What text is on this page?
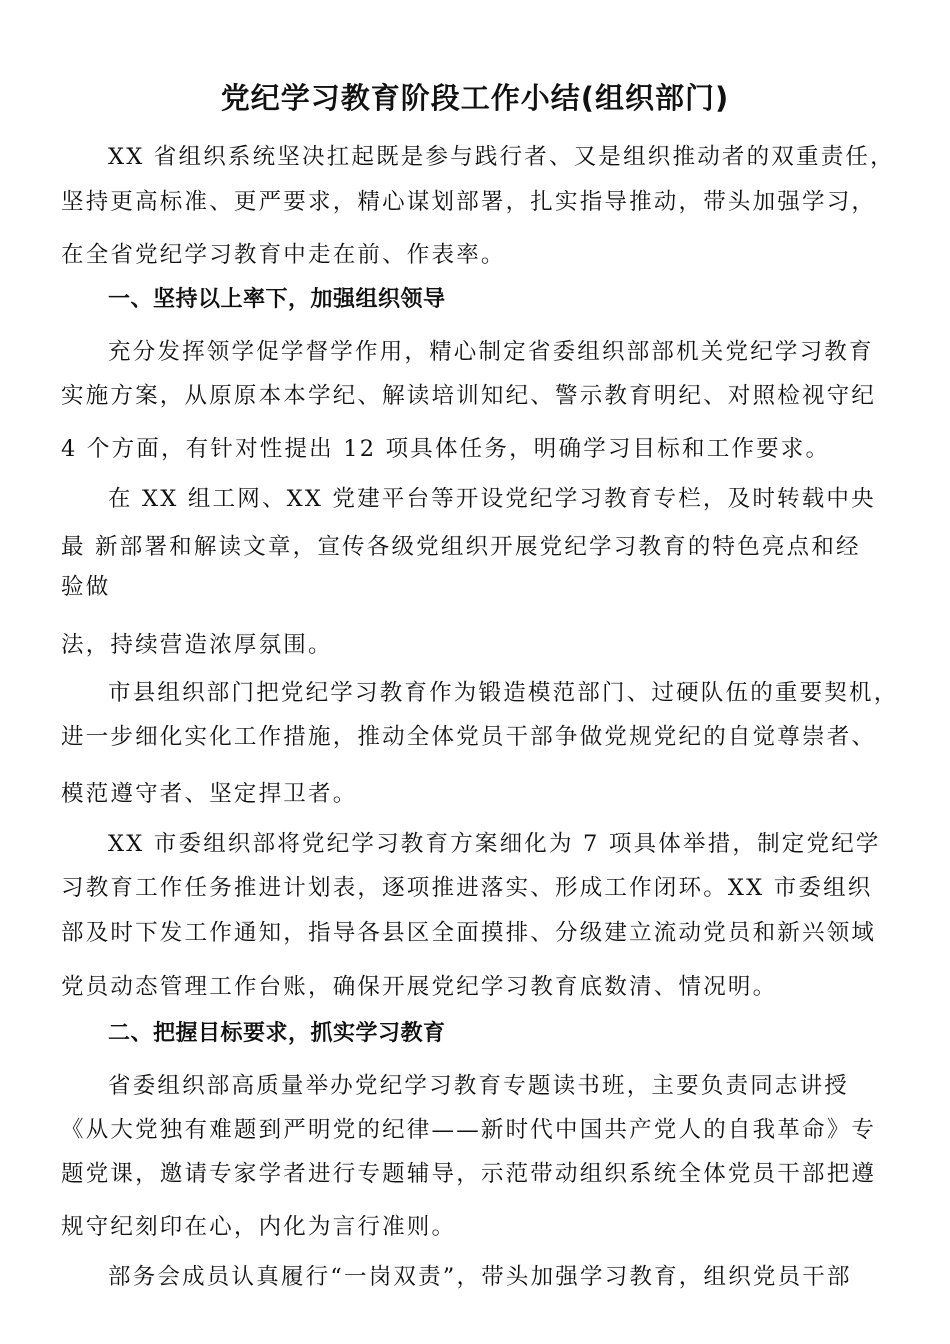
党纪学习教育阶段工作小结(组织部门)

XX 省组织系统坚决扛起既是参与践行者、又是组织推动者的双重责任，

坚持更高标准、更严要求，精心谋划部署，扎实指导推动，带头加强学习，

在全省党纪学习教育中走在前、作表率。

一、坚持以上率下，加强组织领导

充分发挥领学促学督学作用，精心制定省委组织部部机关党纪学习教育

实施方案，从原原本本学纪、解读培训知纪、警示教育明纪、对照检视守纪

4 个方面，有针对性提出 12 项具体任务，明确学习目标和工作要求。

在 XX 组工网、XX 党建平台等开设党纪学习教育专栏，及时转载中央

最 新部署和解读文章，宣传各级党组织开展党纪学习教育的特色亮点和经

验做

法，持续营造浓厚氛围。

市县组织部门把党纪学习教育作为锻造模范部门、过硬队伍的重要契机，

进一步细化实化工作措施，推动全体党员干部争做党规党纪的自觉尊崇者、

模范遵守者、坚定捍卫者。

XX 市委组织部将党纪学习教育方案细化为 7 项具体举措，制定党纪学

习教育工作任务推进计划表，逐项推进落实、形成工作闭环。XX 市委组织

部及时下发工作通知，指导各县区全面摸排、分级建立流动党员和新兴领域

党员动态管理工作台账，确保开展党纪学习教育底数清、情况明。

二、把握目标要求，抓实学习教育

省委组织部高质量举办党纪学习教育专题读书班，主要负责同志讲授

《从大党独有难题到严明党的纪律——新时代中国共产党人的自我革命》专

题党课，邀请专家学者进行专题辅导，示范带动组织系统全体党员干部把遵

规守纪刻印在心，内化为言行准则。

部务会成员认真履行“一岗双责”，带头加强学习教育，组织党员干部
